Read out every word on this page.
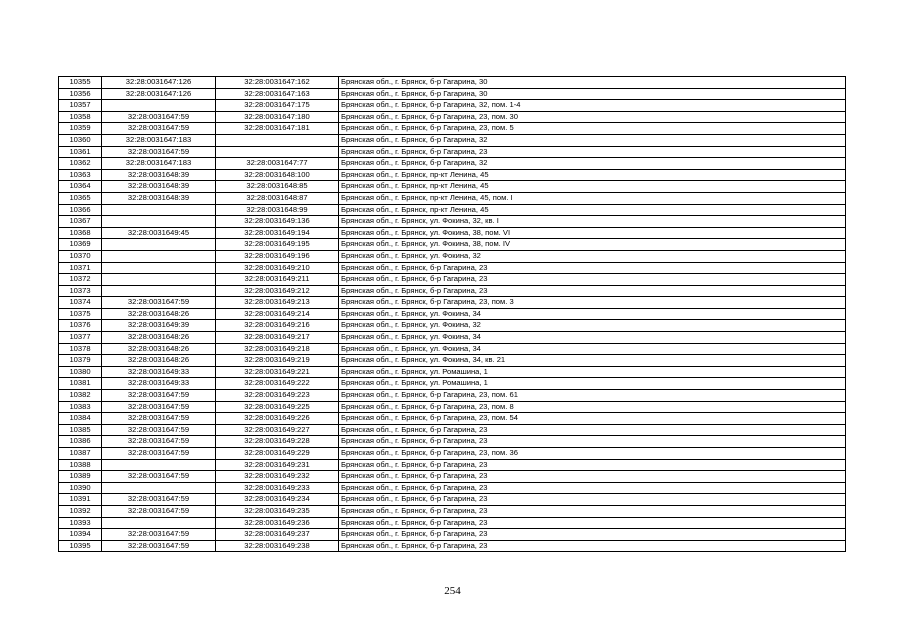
10355	32:28:0031647:126	32:28:0031647:162	Брянская обл., г. Брянск, б-р Гагарина, 30
10356	32:28:0031647:126	32:28:0031647:163	Брянская обл., г. Брянск, б-р Гагарина, 30
10357		32:28:0031647:175	Брянская обл., г. Брянск, б-р Гагарина, 32, пом. 1-4
10358	32:28:0031647:59	32:28:0031647:180	Брянская обл., г. Брянск, б-р Гагарина, 23, пом. 30
10359	32:28:0031647:59	32:28:0031647:181	Брянская обл., г. Брянск, б-р Гагарина, 23, пом. 5
10360	32:28:0031647:183		Брянская обл., г. Брянск, б-р Гагарина, 32
10361	32:28:0031647:59		Брянская обл., г. Брянск, б-р Гагарина, 23
10362	32:28:0031647:183	32:28:0031647:77	Брянская обл., г. Брянск, б-р Гагарина, 32
10363	32:28:0031648:39	32:28:0031648:100	Брянская обл., г. Брянск, пр-кт Ленина, 45
10364	32:28:0031648:39	32:28:0031648:85	Брянская обл., г. Брянск, пр-кт Ленина, 45
10365	32:28:0031648:39	32:28:0031648:87	Брянская обл., г. Брянск, пр-кт Ленина, 45, пом. I
10366		32:28:0031648:99	Брянская обл., г. Брянск, пр-кт Ленина, 45
10367		32:28:0031649:136	Брянская обл., г. Брянск, ул. Фокина, 32, кв. I
10368	32:28:0031649:45	32:28:0031649:194	Брянская обл., г. Брянск, ул. Фокина, 38, пом. VI
10369		32:28:0031649:195	Брянская обл., г. Брянск, ул. Фокина, 38, пом. IV
10370		32:28:0031649:196	Брянская обл., г. Брянск, ул. Фокина, 32
10371		32:28:0031649:210	Брянская обл., г. Брянск, б-р Гагарина, 23
10372		32:28:0031649:211	Брянская обл., г. Брянск, б-р Гагарина, 23
10373		32:28:0031649:212	Брянская обл., г. Брянск, б-р Гагарина, 23
10374	32:28:0031647:59	32:28:0031649:213	Брянская обл., г. Брянск, б-р Гагарина, 23, пом. 3
10375	32:28:0031648:26	32:28:0031649:214	Брянская обл., г. Брянск, ул. Фокина, 34
10376	32:28:0031649:39	32:28:0031649:216	Брянская обл., г. Брянск, ул. Фокина, 32
10377	32:28:0031648:26	32:28:0031649:217	Брянская обл., г. Брянск, ул. Фокина, 34
10378	32:28:0031648:26	32:28:0031649:218	Брянская обл., г. Брянск, ул. Фокина, 34
10379	32:28:0031648:26	32:28:0031649:219	Брянская обл., г. Брянск, ул. Фокина, 34, кв. 21
10380	32:28:0031649:33	32:28:0031649:221	Брянская обл., г. Брянск, ул. Ромашина, 1
10381	32:28:0031649:33	32:28:0031649:222	Брянская обл., г. Брянск, ул. Ромашина, 1
10382	32:28:0031647:59	32:28:0031649:223	Брянская обл., г. Брянск, б-р Гагарина, 23, пом. 61
10383	32:28:0031647:59	32:28:0031649:225	Брянская обл., г. Брянск, б-р Гагарина, 23, пом. 8
10384	32:28:0031647:59	32:28:0031649:226	Брянская обл., г. Брянск, б-р Гагарина, 23, пом. 54
10385	32:28:0031647:59	32:28:0031649:227	Брянская обл., г. Брянск, б-р Гагарина, 23
10386	32:28:0031647:59	32:28:0031649:228	Брянская обл., г. Брянск, б-р Гагарина, 23
10387	32:28:0031647:59	32:28:0031649:229	Брянская обл., г. Брянск, б-р Гагарина, 23, пом. 36
10388		32:28:0031649:231	Брянская обл., г. Брянск, б-р Гагарина, 23
10389	32:28:0031647:59	32:28:0031649:232	Брянская обл., г. Брянск, б-р Гагарина, 23
10390		32:28:0031649:233	Брянская обл., г. Брянск, б-р Гагарина, 23
10391	32:28:0031647:59	32:28:0031649:234	Брянская обл., г. Брянск, б-р Гагарина, 23
10392	32:28:0031647:59	32:28:0031649:235	Брянская обл., г. Брянск, б-р Гагарина, 23
10393		32:28:0031649:236	Брянская обл., г. Брянск, б-р Гагарина, 23
10394	32:28:0031647:59	32:28:0031649:237	Брянская обл., г. Брянск, б-р Гагарина, 23
10395	32:28:0031647:59	32:28:0031649:238	Брянская обл., г. Брянск, б-р Гагарина, 23
254
